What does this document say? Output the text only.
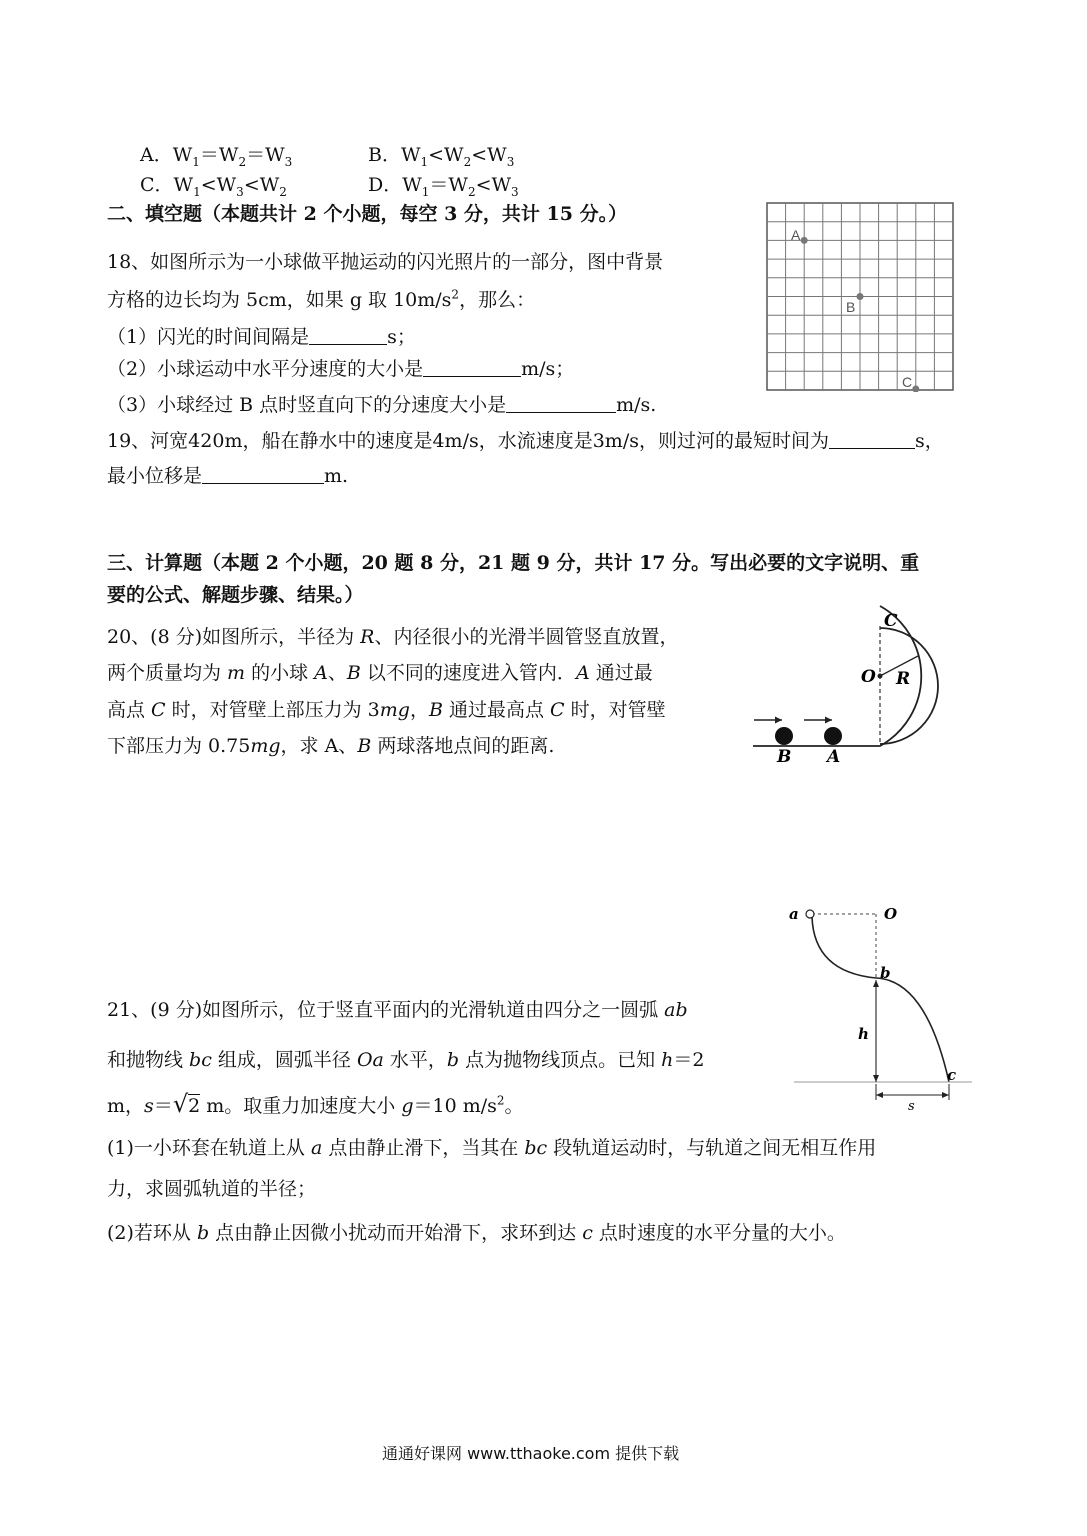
A．$W_1=W_2=W_3$	B．$W_1<W_2<W_3$
C．$W_1<W_3<W_2$	D．$W_1=W_2<W_3$
二、填空题（本题共计 2 个小题，每空 3 分，共计 15 分。）
18、如图所示为一小球做平抛运动的闪光照片的一部分，图中背景
方格的边长均为 5cm，如果 g 取 $10m/s^2$，那么：
（1）闪光的时间间隔是	s；
（2）小球运动中水平分速度的大小是	m/s；
（3）小球经过 B 点时竖直向下的分速度大小是	m/s.
A
B
C
19、河宽420m，船在静水中的速度是4m/s，水流速度是3m/s，则过河的最短时间为	s，
最小位移是	m.
三、计算题（本题 2 个小题，20 题 8 分，21 题 9 分，共计 17 分。写出必要的文字说明、重
要的公式、解题步骤、结果。）
20、(8 分)如图所示，半径为 R、内径很小的光滑半圆管竖直放置，
两个质量均为 m 的小球 A、B 以不同的速度进入管内．A 通过最
高点 C 时，对管壁上部压力为 3mg，B 通过最高点 C 时，对管壁
下部压力为 0.75mg，求 A、B 两球落地点间的距离.
C
O R
B A
a	O
b
h
c
s
21、(9 分)如图所示，位于竖直平面内的光滑轨道由四分之一圆弧 ab
和抛物线 bc 组成，圆弧半径 Oa 水平，b 点为抛物线顶点。已知 h＝2
m，s＝√2 m。取重力加速度大小 g＝10 $m/s^2$。
(1)一小环套在轨道上从 a 点由静止滑下，当其在 bc 段轨道运动时，与轨道之间无相互作用
力，求圆弧轨道的半径；
(2)若环从 b 点由静止因微小扰动而开始滑下，求环到达 c 点时速度的水平分量的大小。
通通好课网 www.tthaoke.com 提供下载
